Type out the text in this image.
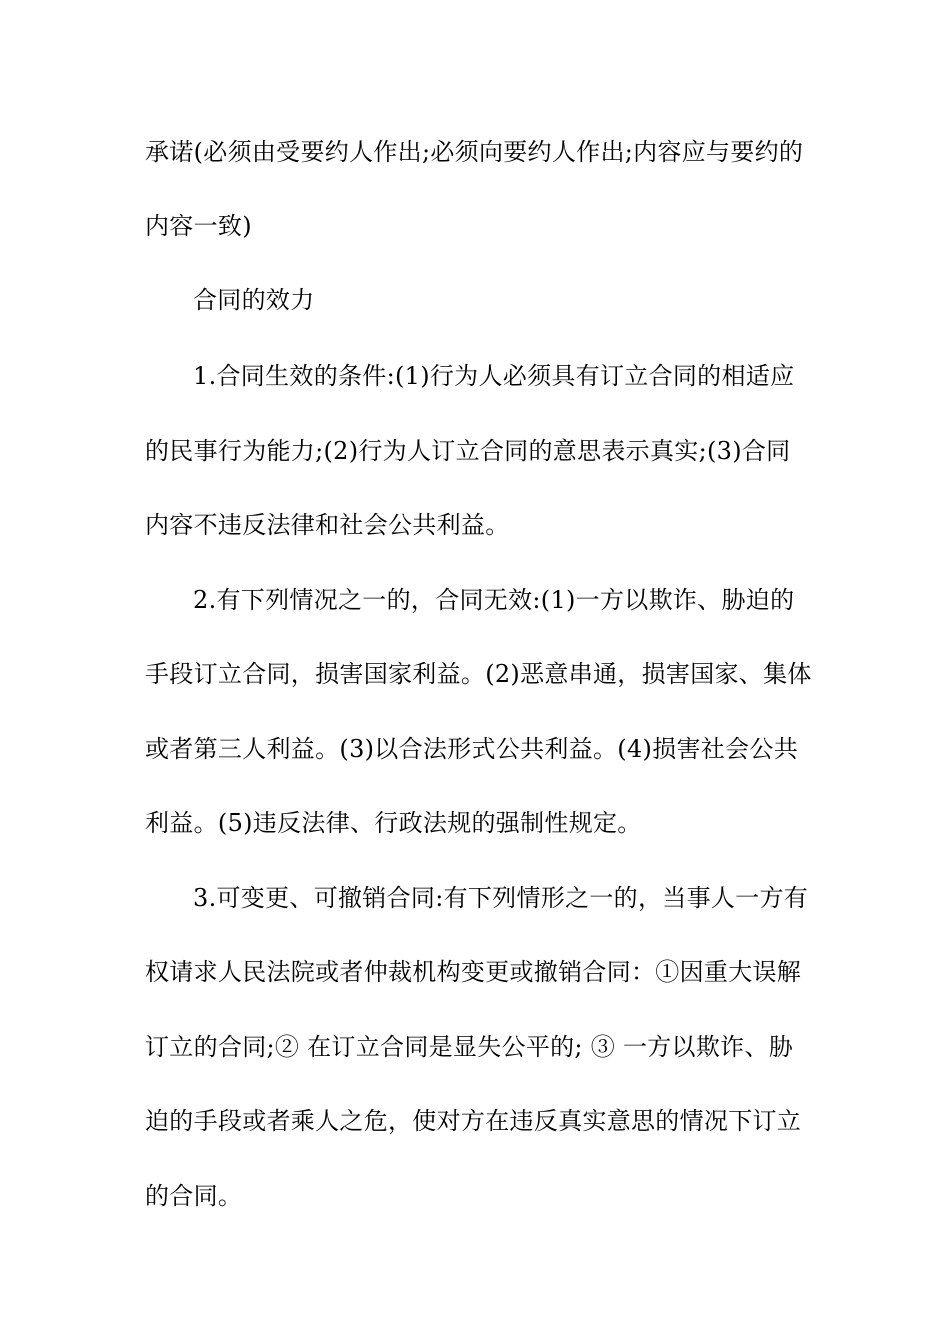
承诺(必须由受要约人作出;必须向要约人作出;内容应与要约的
内容一致)
合同的效力
1.合同生效的条件:(1)行为人必须具有订立合同的相适应
的民事行为能力;(2)行为人订立合同的意思表示真实;(3)合同
内容不违反法律和社会公共利益。
2.有下列情况之一的，合同无效:(1)一方以欺诈、胁迫的
手段订立合同，损害国家利益。(2)恶意串通，损害国家、集体
或者第三人利益。(3)以合法形式公共利益。(4)损害社会公共
利益。(5)违反法律、行政法规的强制性规定。
3.可变更、可撤销合同:有下列情形之一的，当事人一方有
权请求人民法院或者仲裁机构变更或撤销合同：①因重大误解
订立的合同;② 在订立合同是显失公平的; ③ 一方以欺诈、胁
迫的手段或者乘人之危，使对方在违反真实意思的情况下订立
的合同。
